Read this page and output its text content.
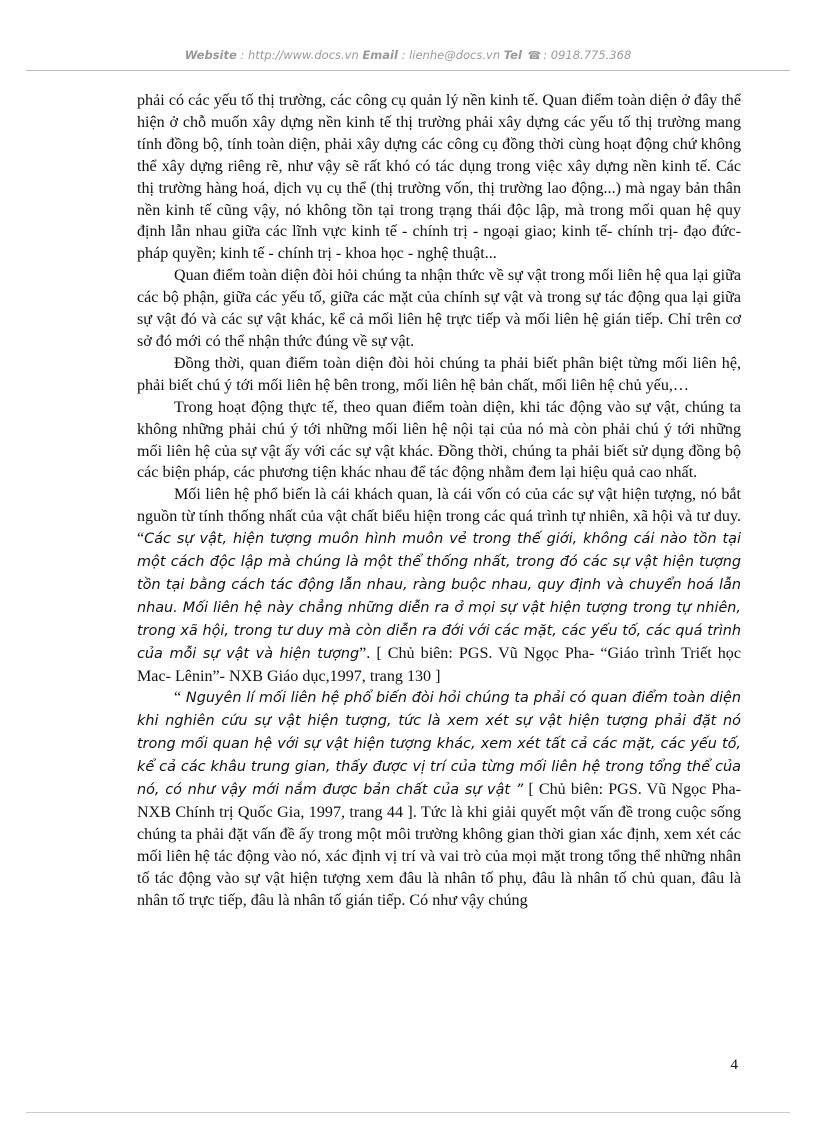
Website : http://www.docs.vn Email : lienhe@docs.vn Tel ☎ : 0918.775.368

phải có các yếu tố thị trường, các công cụ quản lý nền kinh tế. Quan điểm toàn diện ở đây thể hiện ở chỗ muốn xây dựng nền kinh tế thị trường phải xây dựng các yếu tố thị trường mang tính đồng bộ, tính toàn diện, phải xây dựng các công cụ đồng thời cùng hoạt động chứ không thể xây dựng riêng rẽ, như vậy sẽ rất khó có tác dụng trong việc xây dựng nền kinh tế. Các thị trường hàng hoá, dịch vụ cụ thể (thị trường vốn, thị trường lao động...) mà ngay bản thân nền kinh tế cũng vậy, nó không tồn tại trong trạng thái độc lập, mà trong mối quan hệ quy định lẫn nhau giữa các lĩnh vực kinh tế - chính trị - ngoại giao; kinh tế- chính trị- đạo đức- pháp quyền; kinh tế - chính trị - khoa học - nghệ thuật...

Quan điểm toàn diện đòi hỏi chúng ta nhận thức về sự vật trong mối liên hệ qua lại giữa các bộ phận, giữa các yếu tố, giữa các mặt của chính sự vật và trong sự tác động qua lại giữa sự vật đó và các sự vật khác, kể cả mối liên hệ trực tiếp và mối liên hệ gián tiếp. Chỉ trên cơ sở đó mới có thể nhận thức đúng về sự vật.

Đồng thời, quan điểm toàn diện đòi hỏi chúng ta phải biết phân biệt từng mối liên hệ, phải biết chú ý tới mối liên hệ bên trong, mối liên hệ bản chất, mối liên hệ chủ yếu,…

Trong hoạt động thực tế, theo quan điểm toàn diện, khi tác động vào sự vật, chúng ta không những phải chú ý tới những mối liên hệ nội tại của nó mà còn phải chú ý tới những mối liên hệ của sự vật ấy với các sự vật khác. Đồng thời, chúng ta phải biết sử dụng đồng bộ các biện pháp, các phương tiện khác nhau để tác động nhằm đem lại hiệu quả cao nhất.

Mối liên hệ phổ biến là cái khách quan, là cái vốn có của các sự vật hiện tượng, nó bắt nguồn từ tính thống nhất của vật chất biểu hiện trong các quá trình tự nhiên, xã hội và tư duy. “Các sự vật, hiện tượng muôn hình muôn vẻ trong thế giới, không cái nào tồn tại một cách độc lập mà chúng là một thể thống nhất, trong đó các sự vật hiện tượng tồn tại bằng cách tác động lẫn nhau, ràng buộc nhau, quy định và chuyển hoá lẫn nhau. Mối liên hệ này chẳng những diễn ra ở mọi sự vật hiện tượng trong tự nhiên, trong xã hội, trong tư duy mà còn diễn ra đới với các mặt, các yếu tố, các quá trình của mỗi sự vật và hiện tượng”. [ Chủ biên: PGS. Vũ Ngọc Pha- “Giáo trình Triết học Mac- Lênin”- NXB Giáo dục,1997, trang 130 ]

“ Nguyên lí mối liên hệ phổ biến đòi hỏi chúng ta phải có quan điểm toàn diện khi nghiên cứu sự vật hiện tượng, tức là xem xét sự vật hiện tượng phải đặt nó trong mối quan hệ với sự vật hiện tượng khác, xem xét tất cả các mặt, các yếu tố, kể cả các khâu trung gian, thấy được vị trí của từng mối liên hệ trong tổng thể của nó, có như vậy mới nắm được bản chất của sự vật ” [ Chủ biên: PGS. Vũ Ngọc Pha- NXB Chính trị Quốc Gia, 1997, trang 44 ]. Tức là khi giải quyết một vấn đề trong cuộc sống chúng ta phải đặt vấn đề ấy trong một môi trường không gian thời gian xác định, xem xét các mối liên hệ tác động vào nó, xác định vị trí và vai trò của mọi mặt trong tổng thể những nhân tố tác động vào sự vật hiện tượng xem đâu là nhân tố phụ, đâu là nhân tố chủ quan, đâu là nhân tố trực tiếp, đâu là nhân tố gián tiếp. Có như vậy chúng

4
